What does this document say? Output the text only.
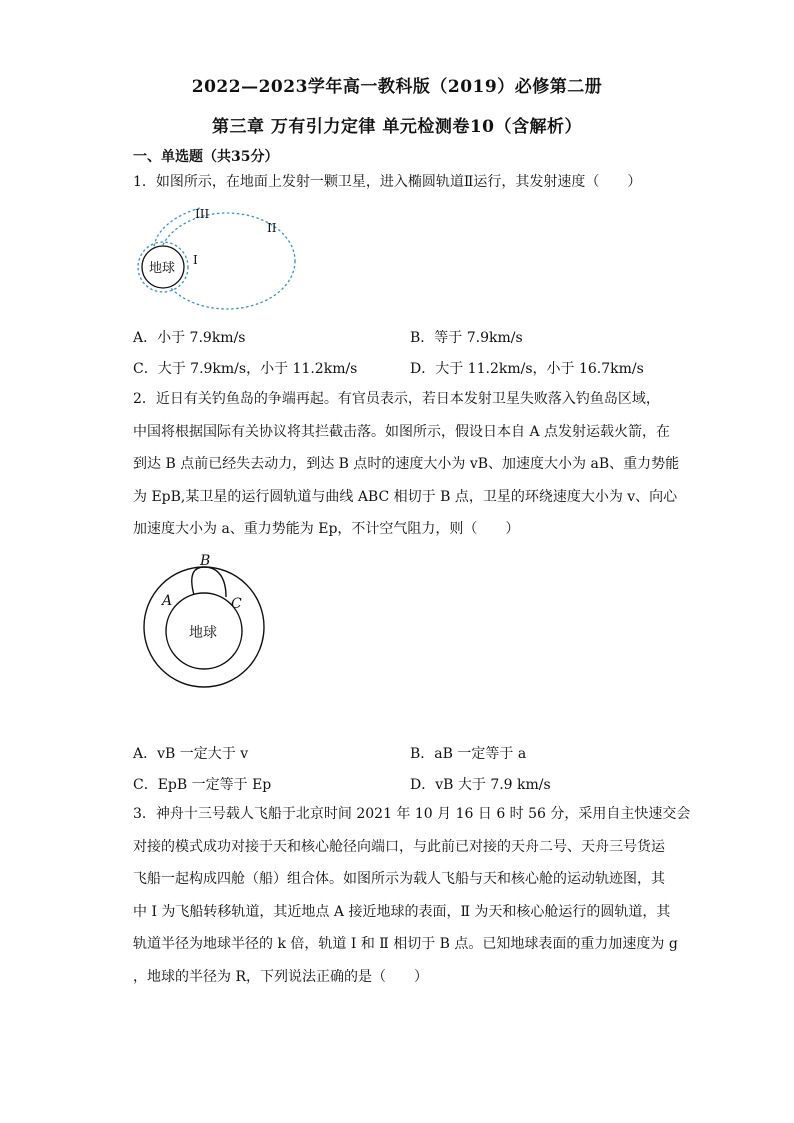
2022—2023学年高一教科版（2019）必修第二册
第三章 万有引力定律 单元检测卷10（含解析）
一、单选题（共35分）

1．如图所示，在地面上发射一颗卫星，进入椭圆轨道Ⅱ运行，其发射速度（　　）

地球
I
II
III
A．小于 7.9km/s	B．等于 7.9km/s
C．大于 7.9km/s，小于 11.2km/s	D．大于 11.2km/s，小于 16.7km/s

2．近日有关钓鱼岛的争端再起。有官员表示，若日本发射卫星失败落入钓鱼岛区域，

中国将根据国际有关协议将其拦截击落。如图所示，假设日本自 A 点发射运载火箭，在

到达 B 点前已经失去动力，到达 B 点时的速度大小为 vB、加速度大小为 aB、重力势能

为 EpB,某卫星的运行圆轨道与曲线 ABC 相切于 B 点，卫星的环绕速度大小为 v、向心

加速度大小为 a、重力势能为 Ep，不计空气阻力，则（　　）

地球
A
B
C
A．vB 一定大于 v	B．aB 一定等于 a
C．EpB 一定等于 Ep	D．vB 大于 7.9 km/s

3．神舟十三号载人飞船于北京时间 2021 年 10 月 16 日 6 时 56 分，采用自主快速交会

对接的模式成功对接于天和核心舱径向端口，与此前已对接的天舟二号、天舟三号货运

飞船一起构成四舱（船）组合体。如图所示为载人飞船与天和核心舱的运动轨迹图，其

中 Ⅰ 为飞船转移轨道，其近地点 A 接近地球的表面，Ⅱ 为天和核心舱运行的圆轨道，其

轨道半径为地球半径的 k 倍，轨道 Ⅰ 和 Ⅱ 相切于 B 点。已知地球表面的重力加速度为 g

，地球的半径为 R，下列说法正确的是（　　）
